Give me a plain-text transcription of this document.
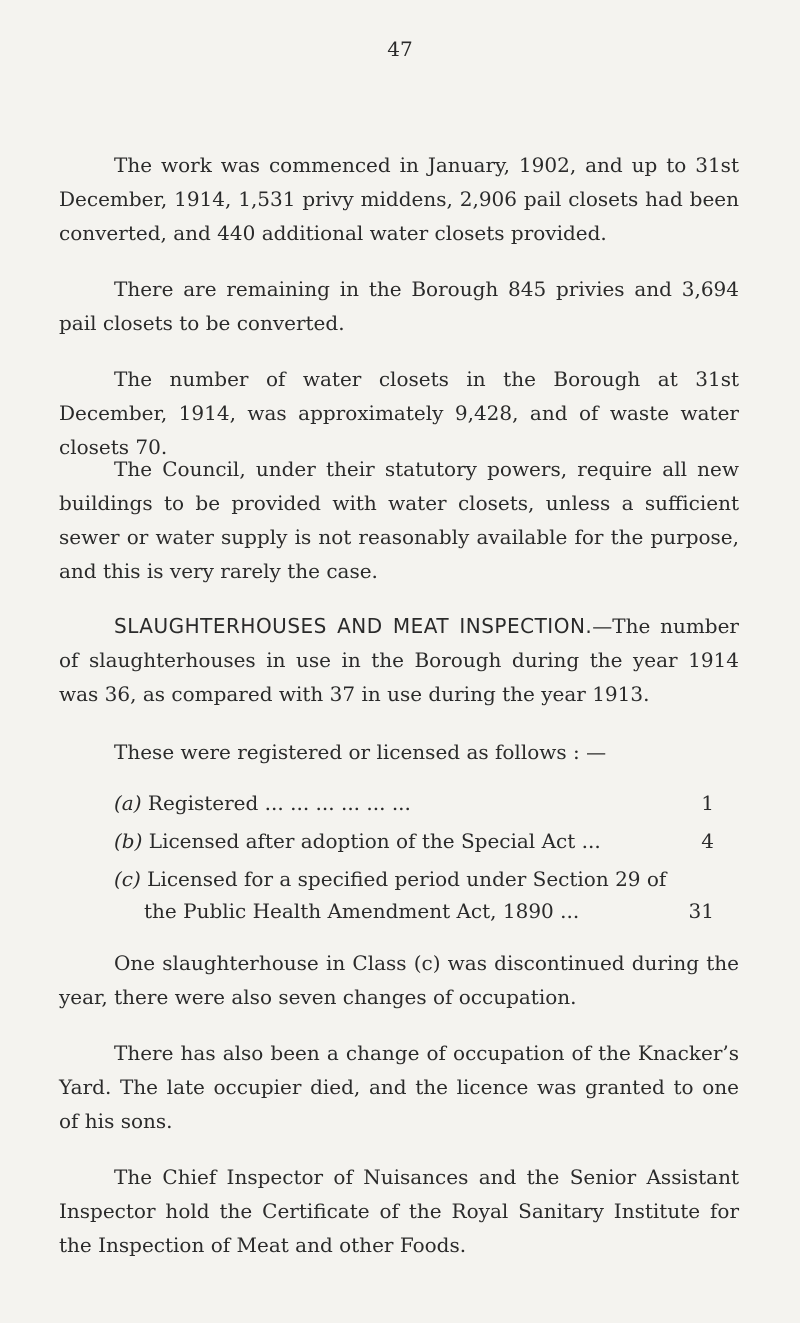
47

The work was commenced in January, 1902, and up to 31st December, 1914, 1,531 privy middens, 2,906 pail closets had been converted, and 440 additional water closets provided.

There are remaining in the Borough 845 privies and 3,694 pail closets to be converted.

The number of water closets in the Borough at 31st December, 1914, was approximately 9,428, and of waste water closets 70.

The Council, under their statutory powers, require all new buildings to be provided with water closets, unless a sufficient sewer or water supply is not reasonably available for the purpose, and this is very rarely the case.

SLAUGHTERHOUSES AND MEAT INSPECTION.—The number of slaughterhouses in use in the Borough during the year 1914 was 36, as compared with 37 in use during the year 1913.

These were registered or licensed as follows : —

(a)
Registered ... ... ... ... ... ...	1
(b)
Licensed after adoption of the Special Act ...	4
(c)
Licensed for a specified period under Section 29 of
the Public Health Amendment Act, 1890 ...	31

One slaughterhouse in Class (c) was discontinued during the year, there were also seven changes of occupation.

There has also been a change of occupation of the Knacker’s Yard. The late occupier died, and the licence was granted to one of his sons.

The Chief Inspector of Nuisances and the Senior Assistant Inspector hold the Certificate of the Royal Sanitary Institute for the Inspection of Meat and other Foods.
